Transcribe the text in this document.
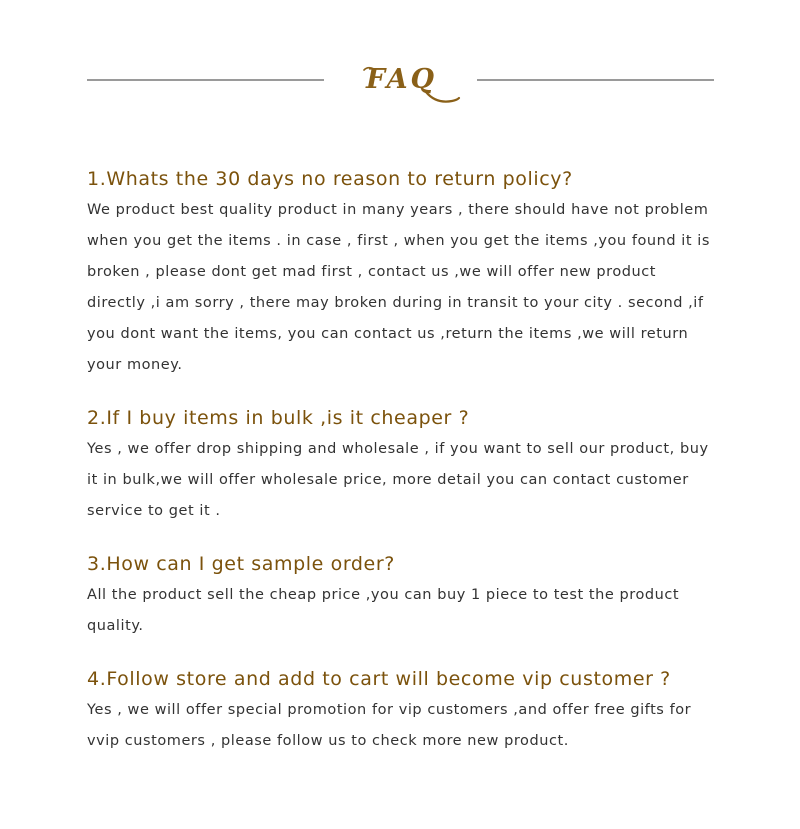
FAQ
1.Whats the 30 days no reason to return policy?

We product best quality product in many years , there should have not problem when you get the items . in case , first , when you get the items ,you found it is broken , please dont get mad first , contact us ,we will offer new product directly ,i am sorry , there may broken during in transit to your city . second ,if you dont want the items, you can contact us ,return the items ,we will return your money.

2.If I buy items in bulk ,is it cheaper ?

Yes , we offer drop shipping and wholesale , if you want to sell our product, buy it in bulk,we will offer wholesale price, more detail you can contact customer service to get it .

3.How can I get sample order?

All the product sell the cheap price ,you can buy 1 piece to test the product quality.

4.Follow store and add to cart will become vip customer ?

Yes , we will offer special promotion for vip customers ,and offer free gifts for vvip customers , please follow us to check more new product.
